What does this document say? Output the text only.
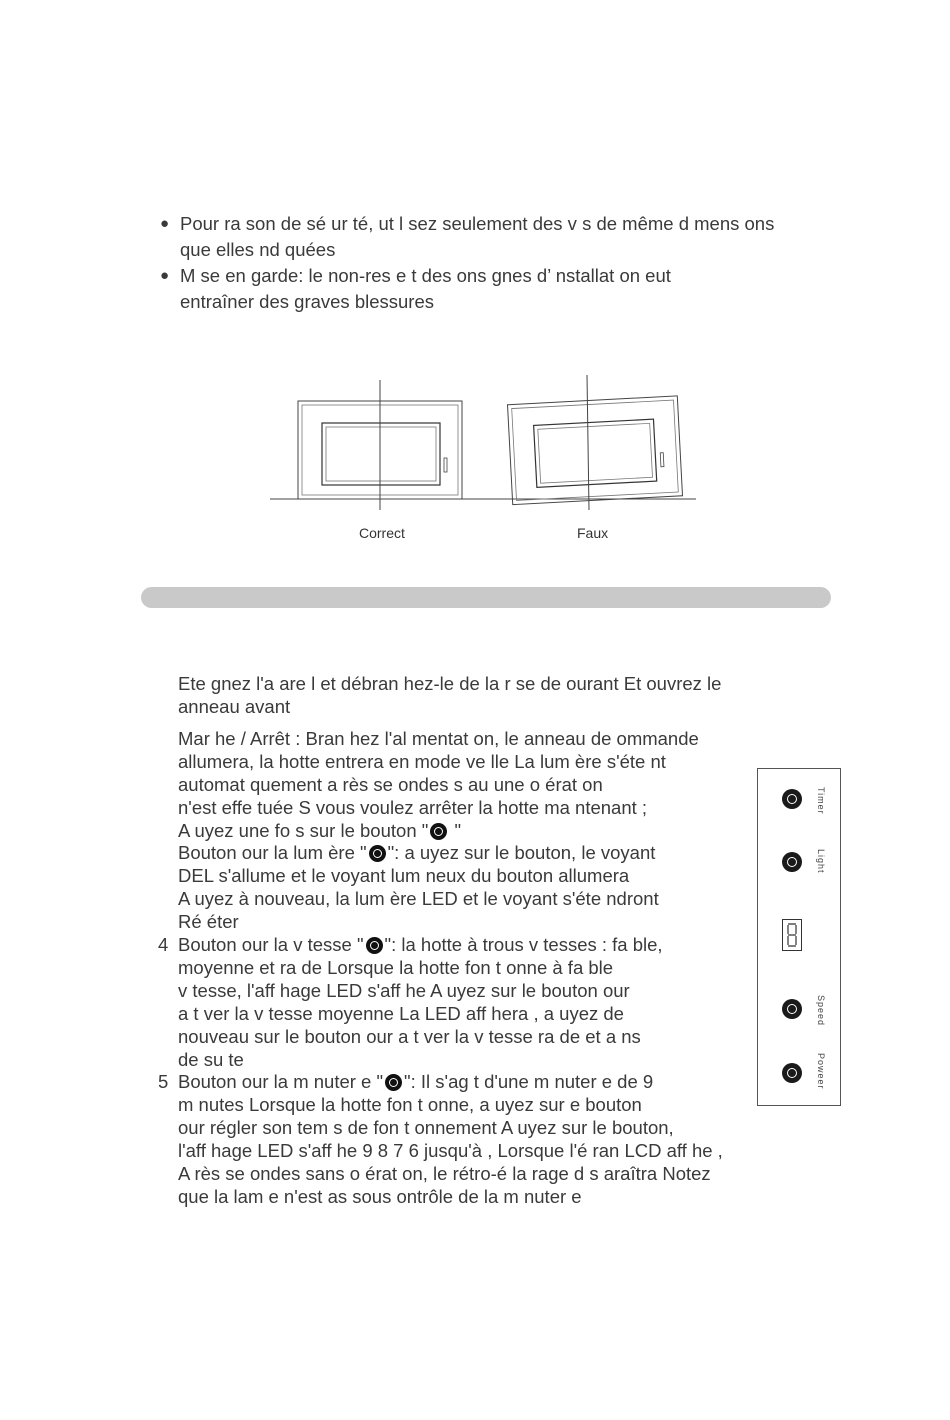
● Pour ra son de sé ur té, ut l sez seulement des v s de même d mens ons
que elles nd quées
● M se en garde: le non-res e t des ons gnes d’ nstallat on eut
entraîner des graves blessures
Correct	Faux
Ete gnez l'a are l et débran hez-le de la r se de ourant Et ouvrez le
anneau avant
Mar he / Arrêt : Bran hez l'al mentat on, le anneau de ommande
allumera, la hotte entrera en mode ve lle La lum ère s'éte nt
automat quement a rès se ondes s au une o érat on
n'est effe tuée S vous voulez arrêter la hotte ma ntenant ;
A uyez une fo s sur le bouton " "
Bouton our la lum ère " ": a uyez sur le bouton, le voyant
DEL s'allume et le voyant lum neux du bouton allumera
A uyez à nouveau, la lum ère LED et le voyant s'éte ndront
Ré éter
4 Bouton our la v tesse " ": la hotte à trous v tesses : fa ble,
moyenne et ra de Lorsque la hotte fon t onne à fa ble
v tesse, l'aff hage LED s'aff he A uyez sur le bouton our
a t ver la v tesse moyenne La LED aff hera , a uyez de
nouveau sur le bouton our a t ver la v tesse ra de et a ns
de su te
5 Bouton our la m nuter e " ": Il s'ag t d'une m nuter e de 9
m nutes Lorsque la hotte fon t onne, a uyez sur e bouton
our régler son tem s de fon t onnement A uyez sur le bouton,
l'aff hage LED s'aff he 9 8 7 6 jusqu'à , Lorsque l'é ran LCD aff he ,
A rès se ondes sans o érat on, le rétro-é la rage d s araîtra Notez
que la lam e n'est as sous ontrôle de la m nuter e
Timer
Light
Speed
Poweer
